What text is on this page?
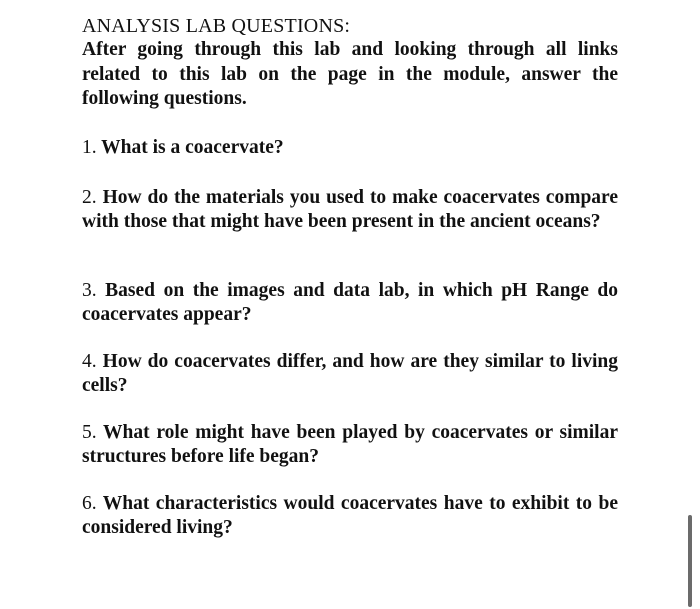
ANALYSIS LAB QUESTIONS:

After going through this lab and looking through all links related to this lab on the page in the module, answer the following questions.

1. What is a coacervate?

2. How do the materials you used to make coacervates compare with those that might have been present in the ancient oceans?

3. Based on the images and data lab, in which pH Range do coacervates appear?

4. How do coacervates differ, and how are they similar to living cells?

5. What role might have been played by coacervates or similar structures before life began?

6. What characteristics would coacervates have to exhibit to be considered living?
